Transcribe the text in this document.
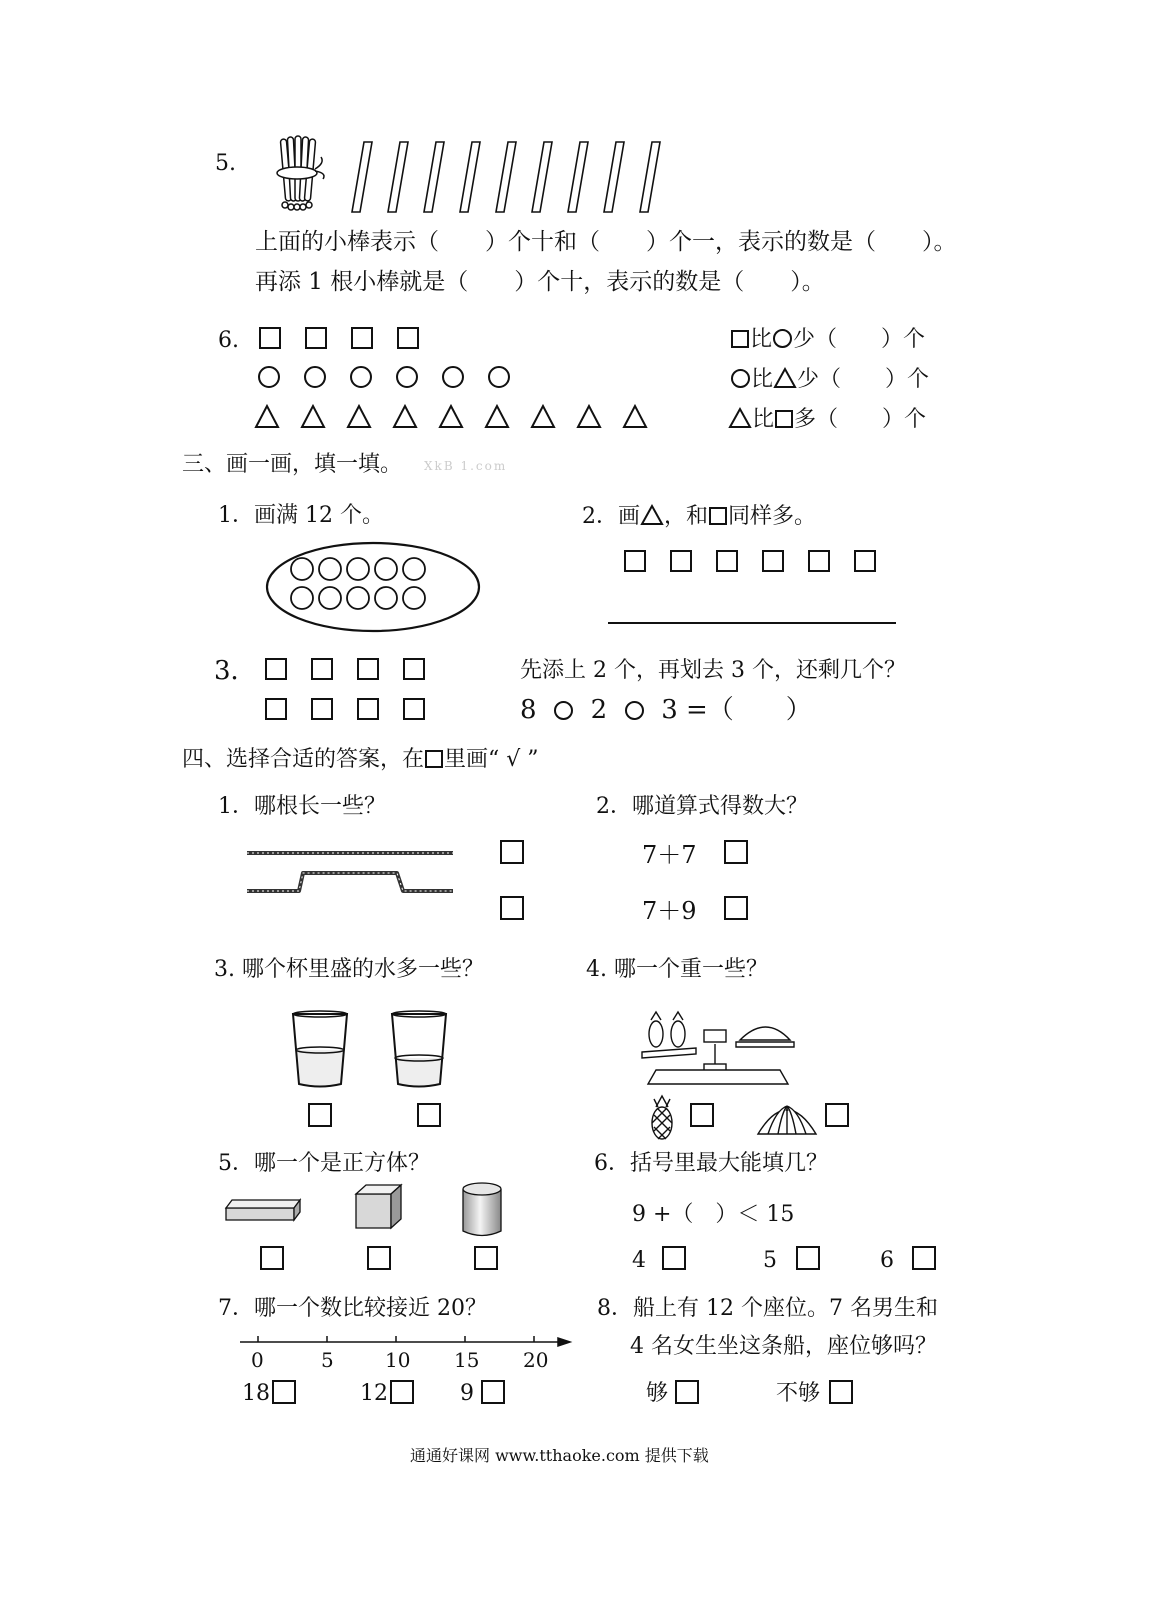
5.
上面的小棒表示（　　）个十和（　　）个一，表示的数是（　　）。
再添 1 根小棒就是（　　）个十，表示的数是（　　）。
6.	比 少（　　）个
比 少（　　）个
比 多（　　）个
三、画一画，填一填。 XkB 1.com
1．画满 12 个。	2．画 ，和 同样多。
3．	先添上 2 个，再划去 3 个，还剩几个？
8 2 3 =（　　）
四、选择合适的答案，在 里画“ √ ”
1．哪根长一些？	2．哪道算式得数大？
7＋7
7＋9
3. 哪个杯里盛的水多一些？	4. 哪一个重一些？
5．哪一个是正方体？	6．括号里最大能填几？
9 +（　）＜ 15
4	5	6
7．哪一个数比较接近 20？
0	5	10 15 20
18	12	9
8．船上有 12 个座位。7 名男生和
4 名女生坐这条船，座位够吗？
够	不够
通通好课网 www.tthaoke.com 提供下载
